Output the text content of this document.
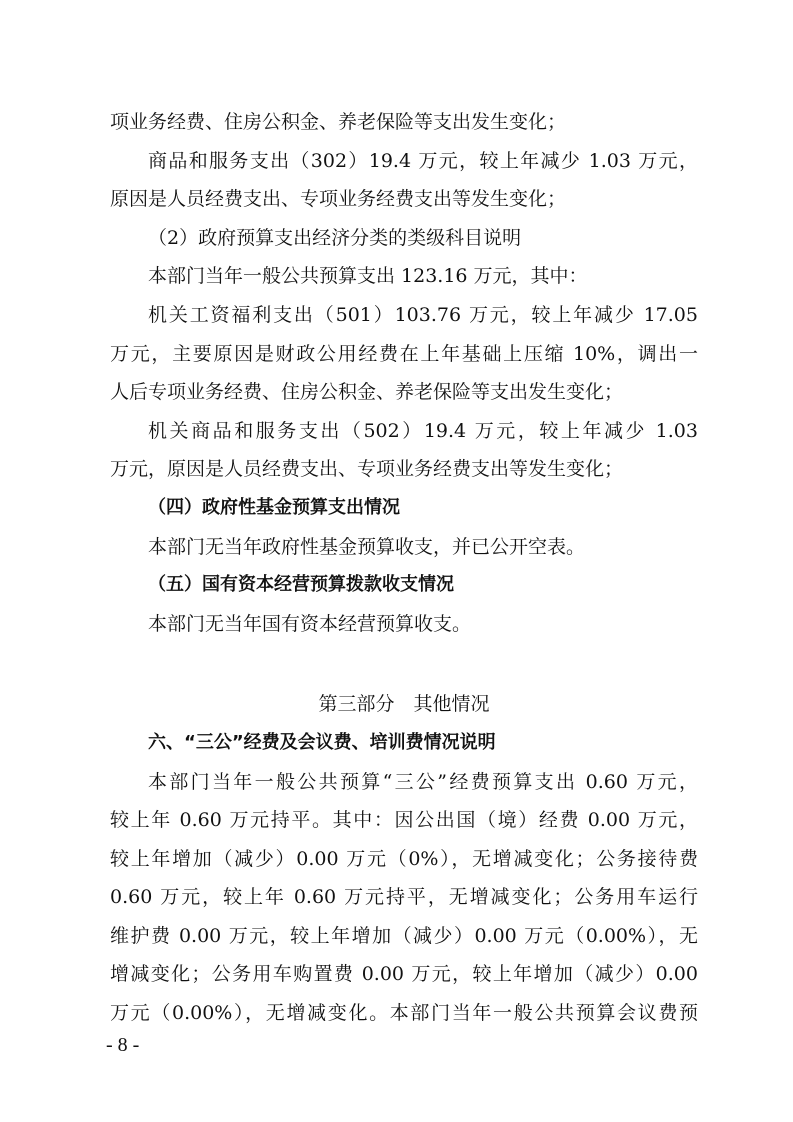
项业务经费、住房公积金、养老保险等支出发生变化；
商品和服务支出（302）19.4 万元，较上年减少 1.03 万元，
原因是人员经费支出、专项业务经费支出等发生变化；
（2）政府预算支出经济分类的类级科目说明
本部门当年一般公共预算支出 123.16 万元，其中：
机关工资福利支出（501）103.76 万元，较上年减少 17.05
万元，主要原因是财政公用经费在上年基础上压缩 10%，调出一
人后专项业务经费、住房公积金、养老保险等支出发生变化；
机关商品和服务支出（502）19.4 万元，较上年减少 1.03
万元，原因是人员经费支出、专项业务经费支出等发生变化；
（四）政府性基金预算支出情况
本部门无当年政府性基金预算收支，并已公开空表。
（五）国有资本经营预算拨款收支情况
本部门无当年国有资本经营预算收支。
第三部分　其他情况
六、“三公”经费及会议费、培训费情况说明
本部门当年一般公共预算“三公”经费预算支出 0.60 万元，
较上年 0.60 万元持平。其中：因公出国（境）经费 0.00 万元，
较上年增加（减少）0.00 万元（0%），无增减变化；公务接待费
0.60 万元，较上年 0.60 万元持平，无增减变化；公务用车运行
维护费 0.00 万元，较上年增加（减少）0.00 万元（0.00%），无
增减变化；公务用车购置费 0.00 万元，较上年增加（减少）0.00
万元（0.00%），无增减变化。本部门当年一般公共预算会议费预
- 8 -
